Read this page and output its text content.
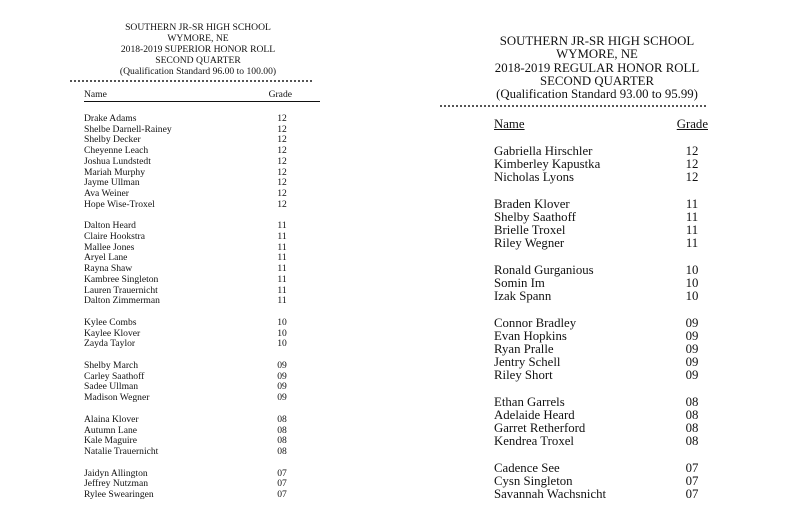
SOUTHERN JR-SR HIGH SCHOOL
WYMORE, NE
2018-2019 SUPERIOR HONOR ROLL
SECOND QUARTER
(Qualification Standard 96.00 to 100.00)
Name	Grade
Drake Adams	12
Shelbe Darnell-Rainey	12
Shelby Decker	12
Cheyenne Leach	12
Joshua Lundstedt	12
Mariah Murphy	12
Jayme Ullman	12
Ava Weiner	12
Hope Wise-Troxel	12
Dalton Heard	11
Claire Hookstra	11
Mallee Jones	11
Aryel Lane	11
Rayna Shaw	11
Kambree Singleton	11
Lauren Trauernicht	11
Dalton Zimmerman	11
Kylee Combs	10
Kaylee Klover	10
Zayda Taylor	10
Shelby March	09
Carley Saathoff	09
Sadee Ullman	09
Madison Wegner	09
Alaina Klover	08
Autumn Lane	08
Kale Maguire	08
Natalie Trauernicht	08
Jaidyn Allington	07
Jeffrey Nutzman	07
Rylee Swearingen	07
SOUTHERN JR-SR HIGH SCHOOL
WYMORE, NE
2018-2019 REGULAR HONOR ROLL
SECOND QUARTER
(Qualification Standard 93.00 to 95.99)
Name	Grade
Gabriella Hirschler	12
Kimberley Kapustka	12
Nicholas Lyons	12
Braden Klover	11
Shelby Saathoff	11
Brielle Troxel	11
Riley Wegner	11
Ronald Gurganious	10
Somin Im	10
Izak Spann	10
Connor Bradley	09
Evan Hopkins	09
Ryan Pralle	09
Jentry Schell	09
Riley Short	09
Ethan Garrels	08
Adelaide Heard	08
Garret Retherford	08
Kendrea Troxel	08
Cadence See	07
Cysn Singleton	07
Savannah Wachsnicht	07
